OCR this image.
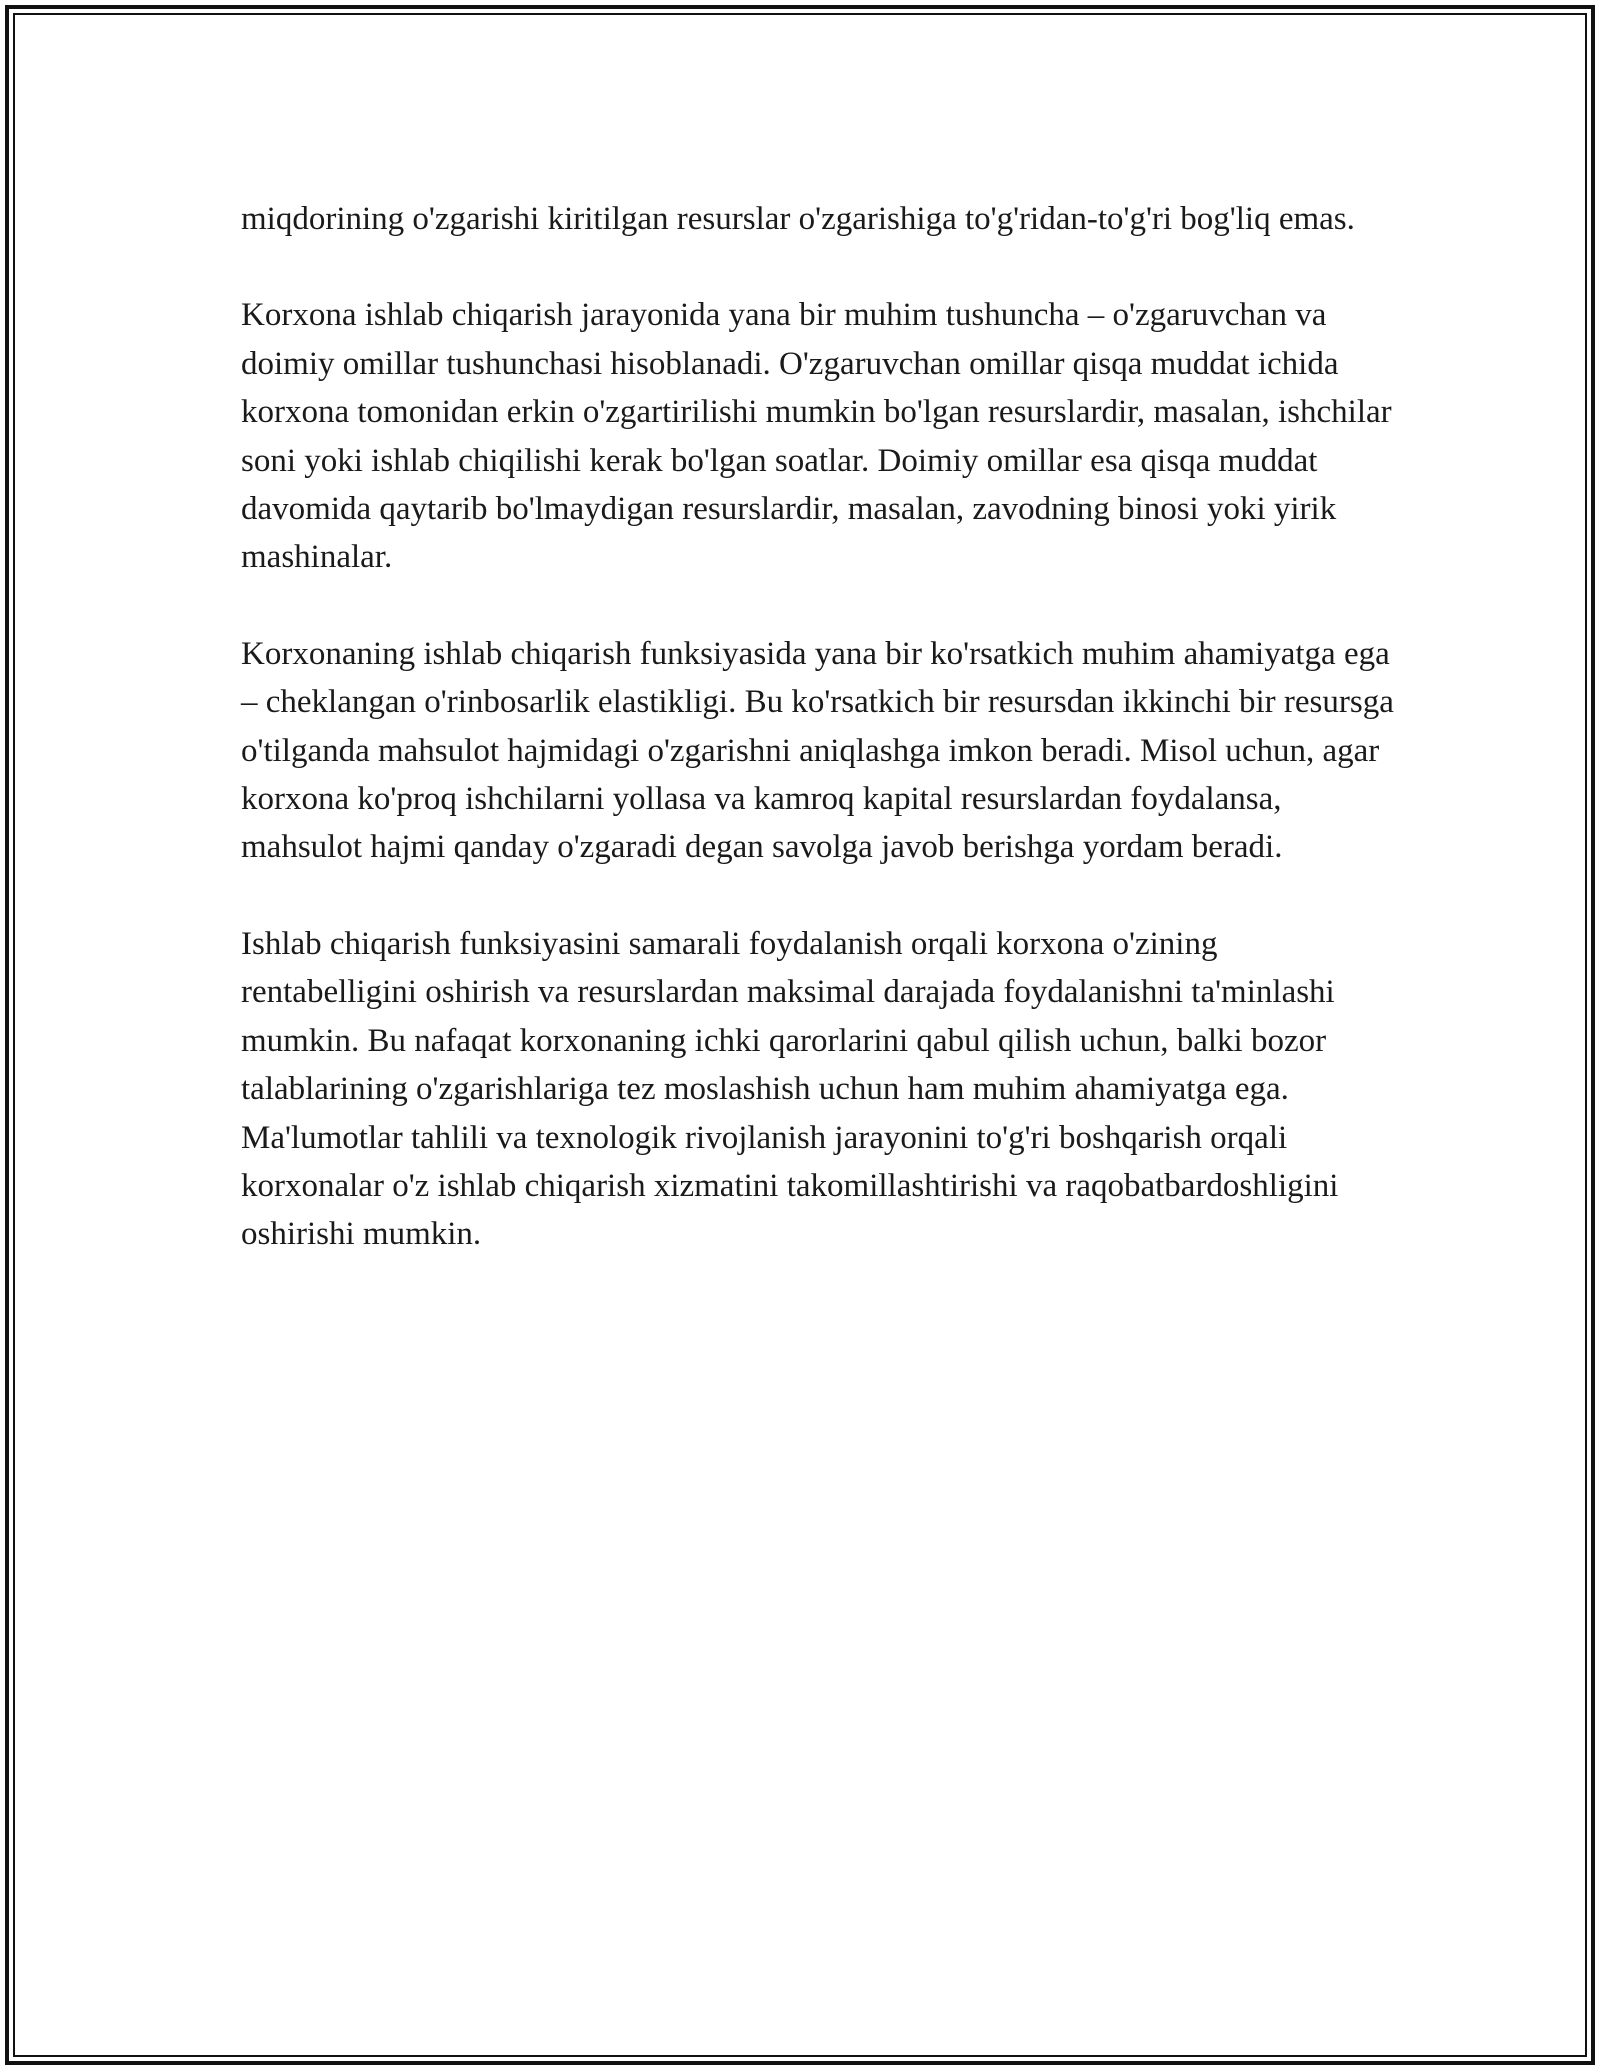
miqdorining o'zgarishi kiritilgan resurslar o'zgarishiga to'g'ridan-to'g'ri bog'liq emas.

Korxona ishlab chiqarish jarayonida yana bir muhim tushuncha – o'zgaruvchan va doimiy omillar tushunchasi hisoblanadi. O'zgaruvchan omillar qisqa muddat ichida korxona tomonidan erkin o'zgartirilishi mumkin bo'lgan resurslardir, masalan, ishchilar soni yoki ishlab chiqilishi kerak bo'lgan soatlar. Doimiy omillar esa qisqa muddat davomida qaytarib bo'lmaydigan resurslardir, masalan, zavodning binosi yoki yirik mashinalar.

Korxonaning ishlab chiqarish funksiyasida yana bir ko'rsatkich muhim ahamiyatga ega – cheklangan o'rinbosarlik elastikligi. Bu ko'rsatkich bir resursdan ikkinchi bir resursga o'tilganda mahsulot hajmidagi o'zgarishni aniqlashga imkon beradi. Misol uchun, agar korxona ko'proq ishchilarni yollasa va kamroq kapital resurslardan foydalansa, mahsulot hajmi qanday o'zgaradi degan savolga javob berishga yordam beradi.

Ishlab chiqarish funksiyasini samarali foydalanish orqali korxona o'zining rentabelligini oshirish va resurslardan maksimal darajada foydalanishni ta'minlashi mumkin. Bu nafaqat korxonaning ichki qarorlarini qabul qilish uchun, balki bozor talablarining o'zgarishlariga tez moslashish uchun ham muhim ahamiyatga ega. Ma'lumotlar tahlili va texnologik rivojlanish jarayonini to'g'ri boshqarish orqali korxonalar o'z ishlab chiqarish xizmatini takomillashtirishi va raqobatbardoshligini oshirishi mumkin.
